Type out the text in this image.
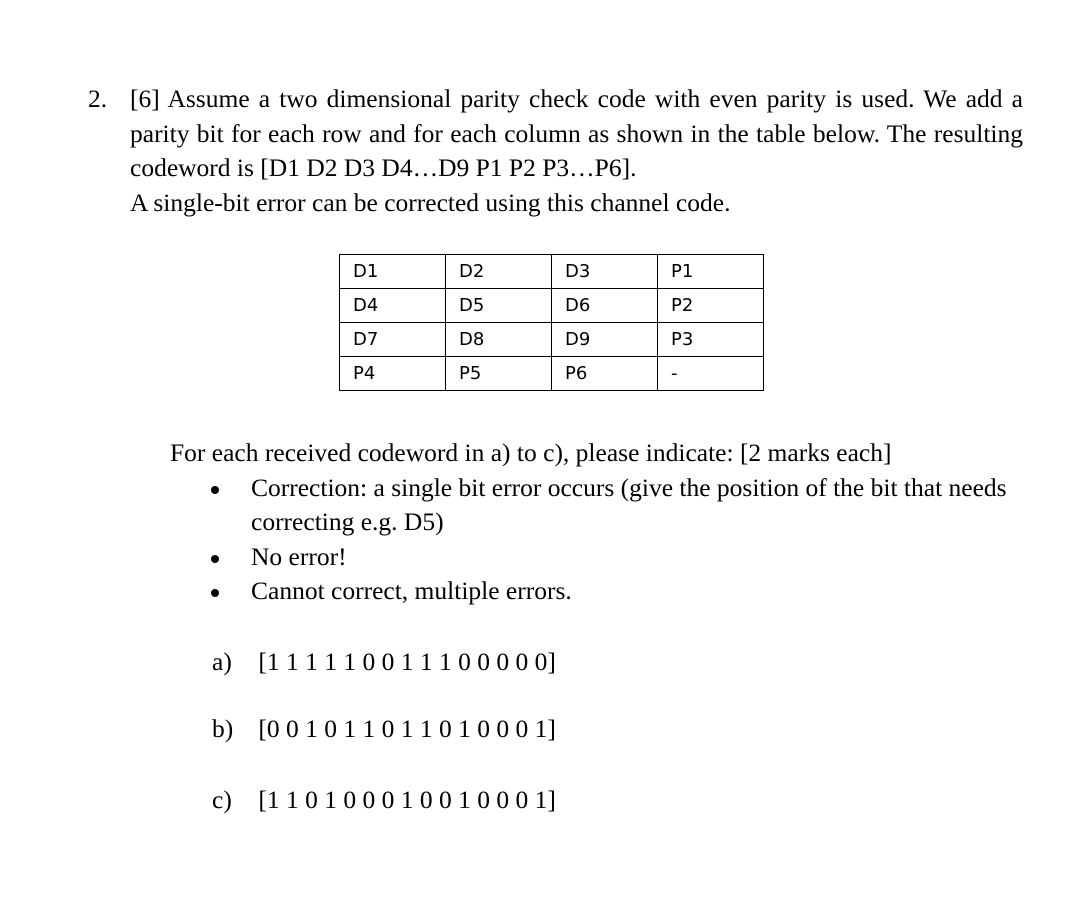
2. [6] Assume a two dimensional parity check code with even parity is used. We add a parity bit for each row and for each column as shown in the table below. The resulting codeword is [D1 D2 D3 D4…D9 P1 P2 P3…P6].

A single-bit error can be corrected using this channel code.

D1	D2	D3	P1
D4	D5	D6	P2
D7	D8	D9	P3
P4	P5	P6	-

For each received codeword in a) to c), please indicate: [2 marks each]

Correction: a single bit error occurs (give the position of the bit that needs correcting e.g. D5)
No error!
Cannot correct, multiple errors.
a) [1 1 1 1 1 0 0 1 1 1 0 0 0 0 0]
b) [0 0 1 0 1 1 0 1 1 0 1 0 0 0 1]
c) [1 1 0 1 0 0 0 1 0 0 1 0 0 0 1]
